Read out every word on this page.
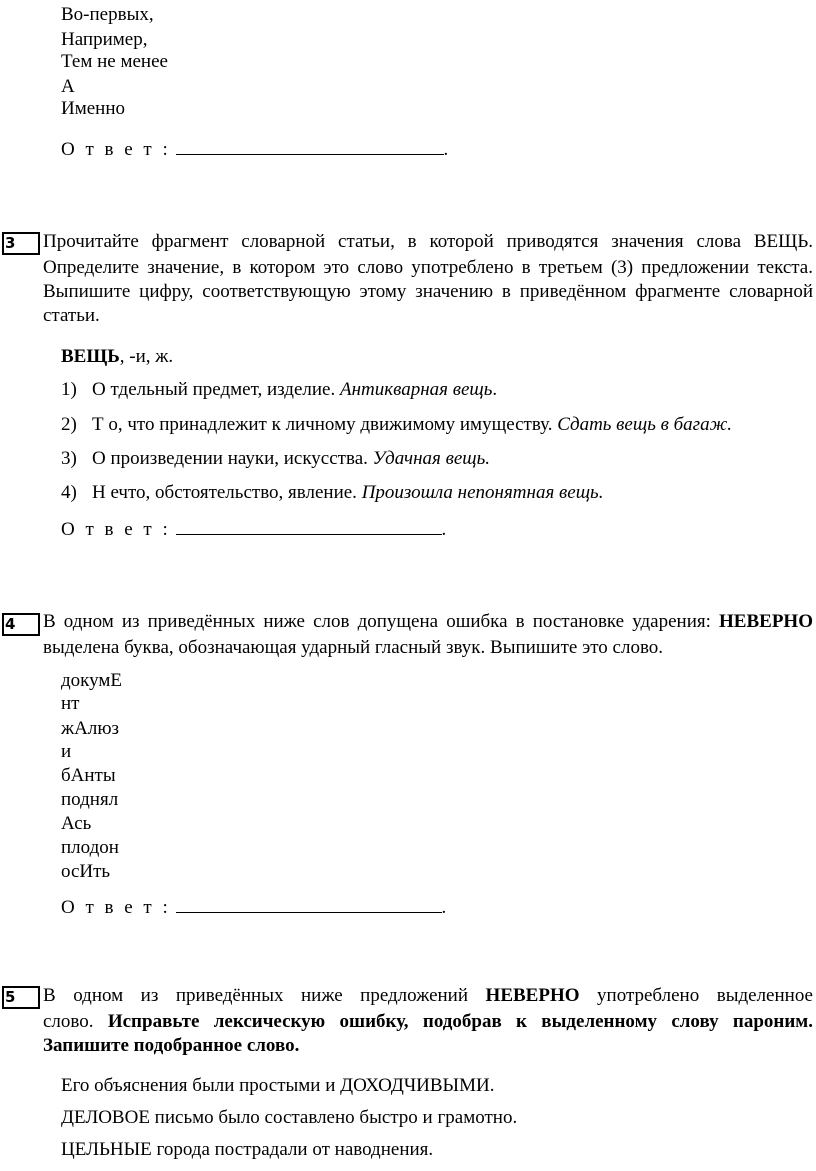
Во-первых,
Например,
Тем не менее
А
Именно
О т в е т :	.
3	Прочитайте фрагмент словарной статьи, в которой приводятся значения слова ВЕЩЬ.
Определите значение, в котором это слово употреблено в третьем (3) предложении текста.
Выпишите цифру, соответствующую этому значению в приведённом фрагменте словарной
статьи.
ВЕЩЬ, -и, ж.
1) О тдельный предмет, изделие. Антикварная вещь.
2) Т о, что принадлежит к личному движимому имуществу. Сдать вещь в багаж.
3) О произведении науки, искусства. Удачная вещь.
4) Н ечто, обстоятельство, явление. Произошла непонятная вещь.
О т в е т :	.
4	В одном из приведённых ниже слов допущена ошибка в постановке ударения: НЕВЕРНО
выделена буква, обозначающая ударный гласный звук. Выпишите это слово.
докумЕ
нт
жАлюз
и
бАнты
поднял
Ась
плодон
осИть
О т в е т :	.
5	В одном из приведённых ниже предложений НЕВЕРНО употреблено выделенное
слово. Исправьте лексическую ошибку, подобрав к выделенному слову пароним.
Запишите подобранное слово.
Его объяснения были простыми и ДОХОДЧИВЫМИ.
ДЕЛОВОЕ письмо было составлено быстро и грамотно.
ЦЕЛЬНЫЕ города пострадали от наводнения.
